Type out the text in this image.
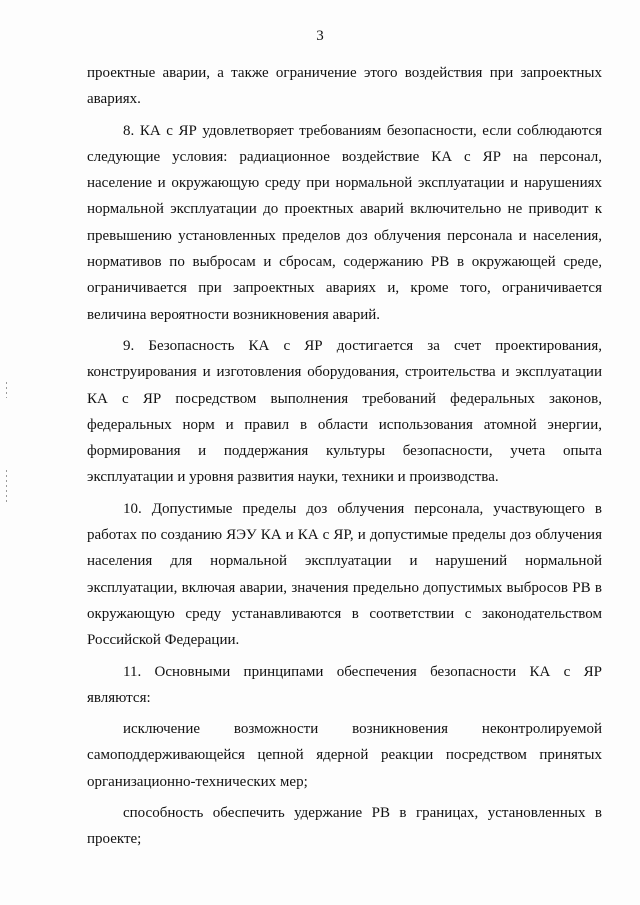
3

проектные аварии, а также ограничение этого воздействия при запроектных авариях.

8. КА с ЯР удовлетворяет требованиям безопасности, если соблюдаются следующие условия: радиационное воздействие КА с ЯР на персонал, население и окружающую среду при нормальной эксплуатации и нарушениях нормальной эксплуатации до проектных аварий включительно не приводит к превышению установленных пределов доз облучения персонала и населения, нормативов по выбросам и сбросам, содержанию РВ в окружающей среде, ограничивается при запроектных авариях и, кроме того, ограничивается величина вероятности возникновения аварий.

9. Безопасность КА с ЯР достигается за счет проектирования, конструирования и изготовления оборудования, строительства и эксплуатации КА с ЯР посредством выполнения требований федеральных законов, федеральных норм и правил в области использования атомной энергии, формирования и поддержания культуры безопасности, учета опыта эксплуатации и уровня развития науки, техники и производства.

10. Допустимые пределы доз облучения персонала, участвующего в работах по созданию ЯЭУ КА и КА с ЯР, и допустимые пределы доз облучения населения для нормальной эксплуатации и нарушений нормальной эксплуатации, включая аварии, значения предельно допустимых выбросов РВ в окружающую среду устанавливаются в соответствии с законодательством Российской Федерации.

11. Основными принципами обеспечения безопасности КА с ЯР являются:

исключение возможности возникновения неконтролируемой самоподдерживающейся цепной ядерной реакции посредством принятых организационно-технических мер;

способность обеспечить удержание РВ в границах, установленных в проекте;
